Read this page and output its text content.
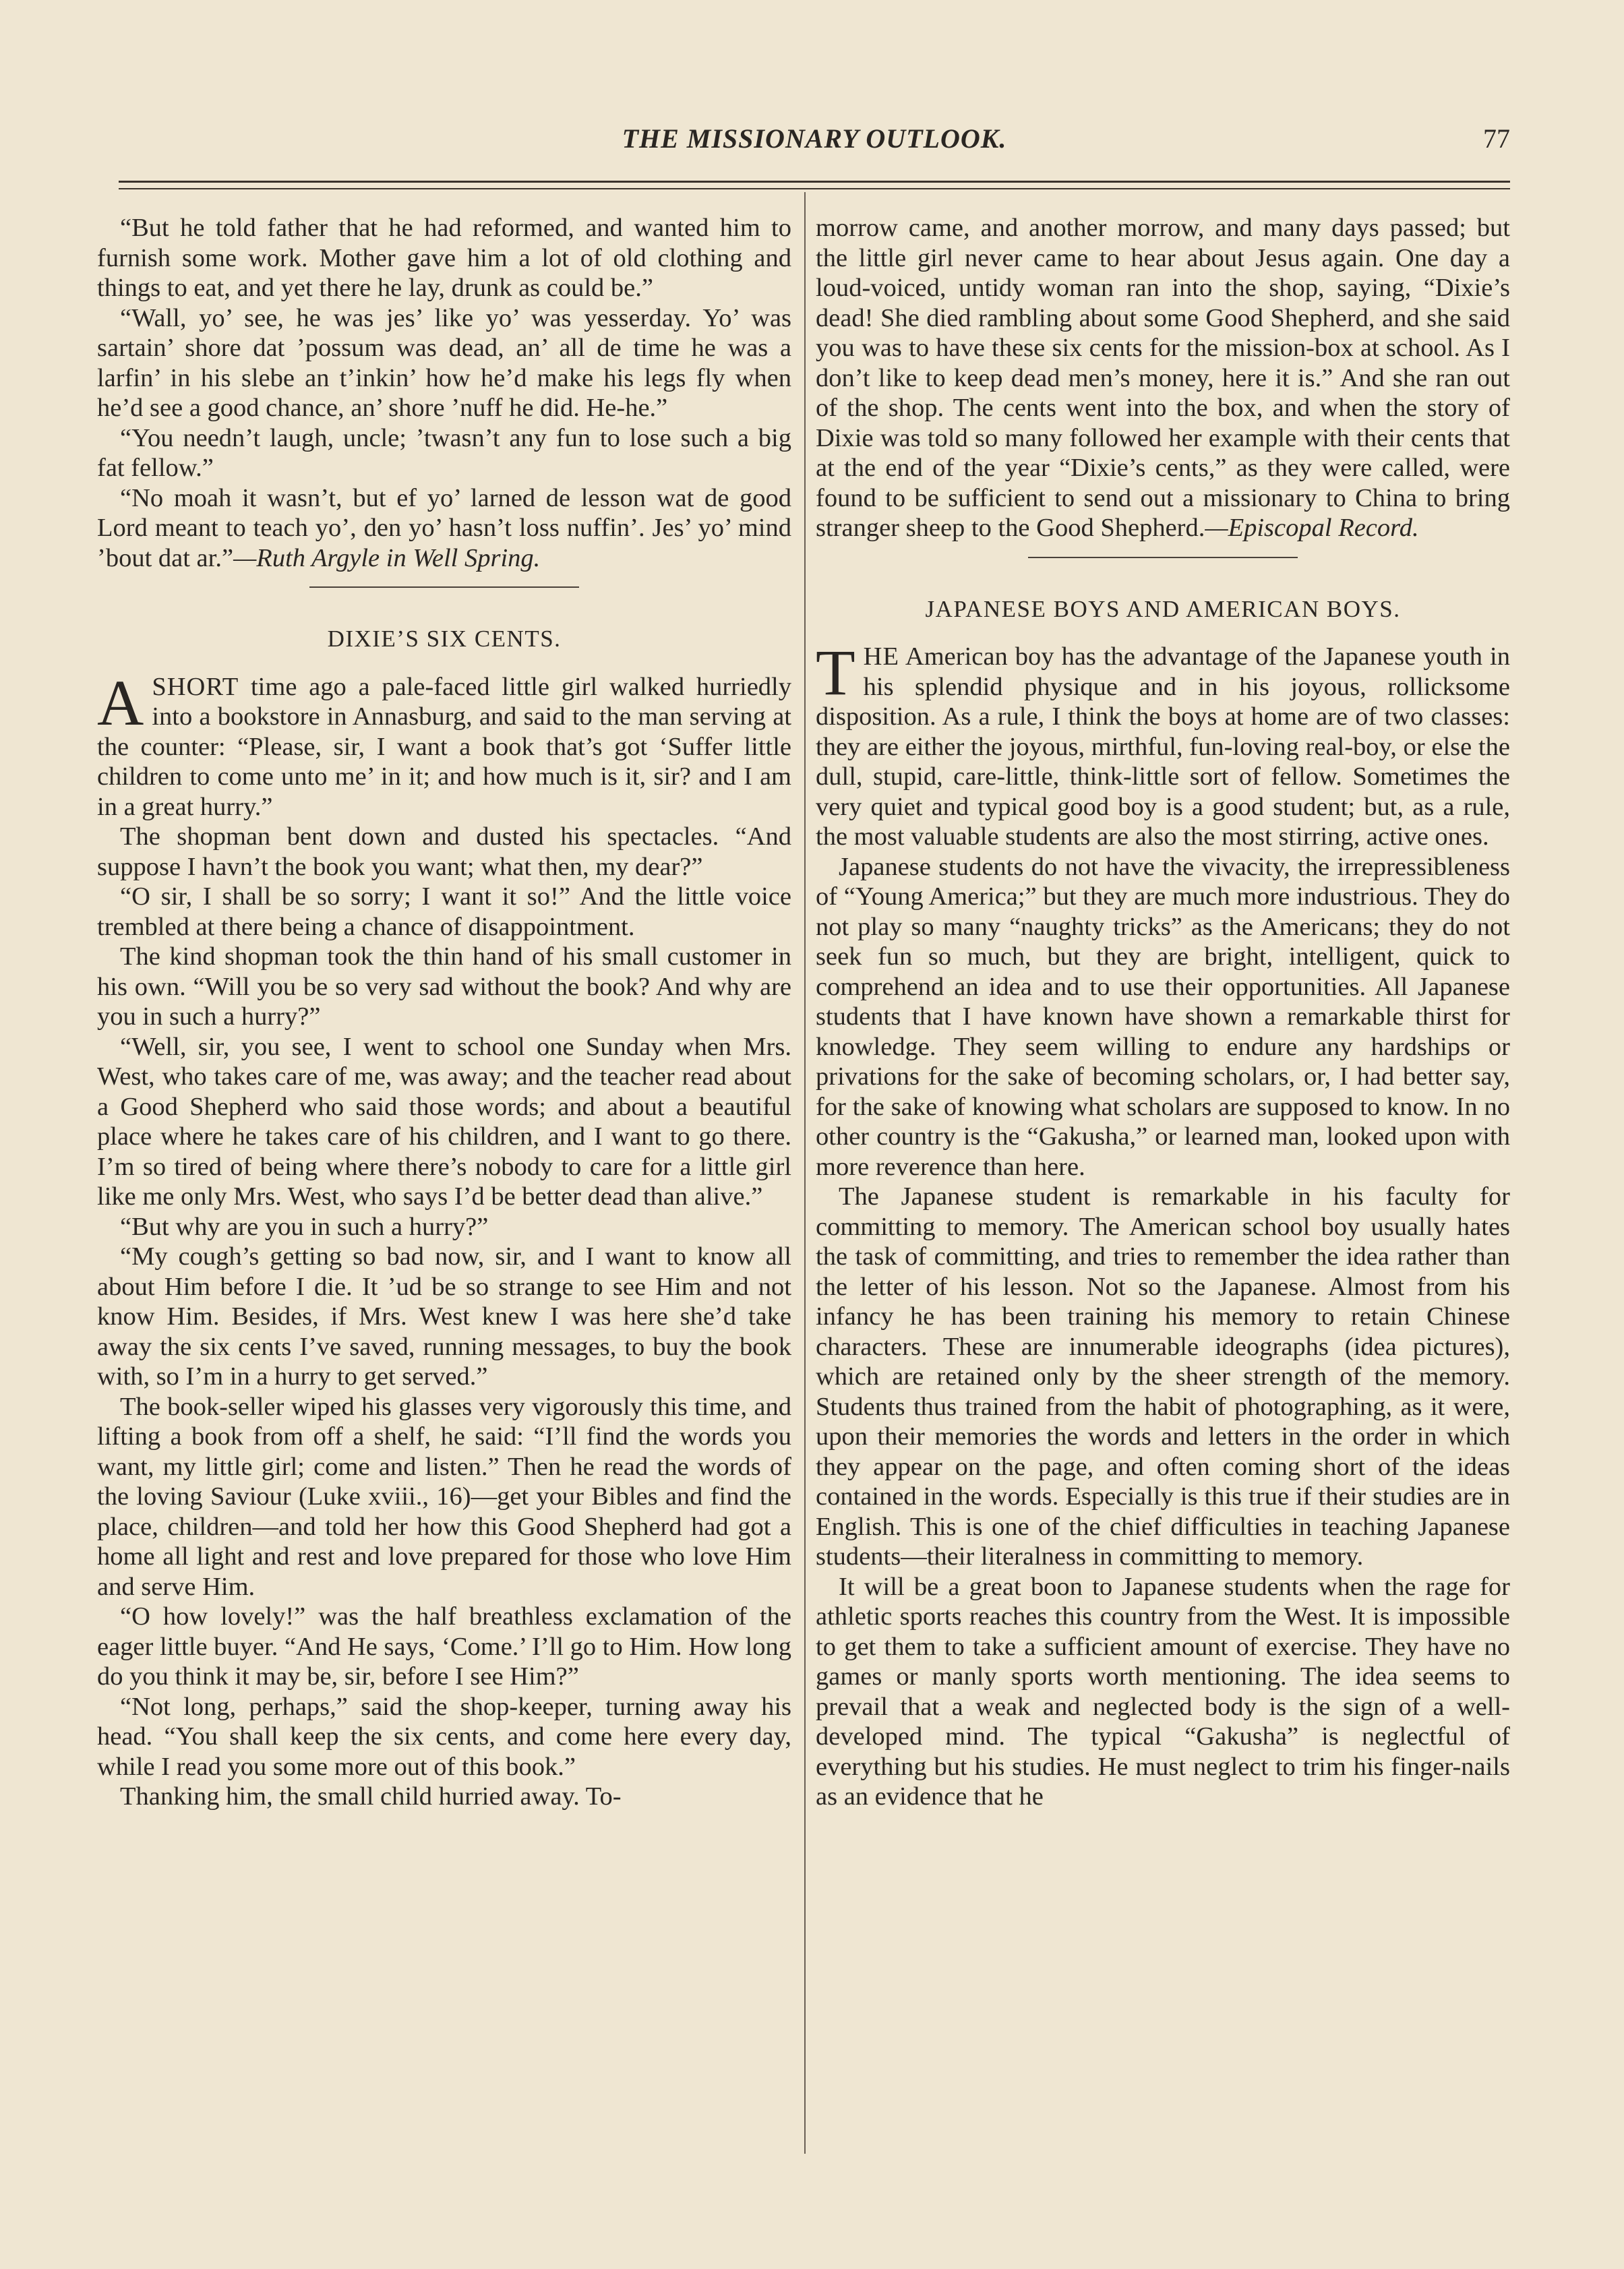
THE MISSIONARY OUTLOOK.	77

“But he told father that he had reformed, and wanted him to furnish some work. Mother gave him a lot of old clothing and things to eat, and yet there he lay, drunk as could be.”

“Wall, yo’ see, he was jes’ like yo’ was yesserday. Yo’ was sartain’ shore dat ’possum was dead, an’ all de time he was a larfin’ in his slebe an t’inkin’ how he’d make his legs fly when he’d see a good chance, an’ shore ’nuff he did. He-he.”

“You needn’t laugh, uncle; ’twasn’t any fun to lose such a big fat fellow.”

“No moah it wasn’t, but ef yo’ larned de lesson wat de good Lord meant to teach yo’, den yo’ hasn’t loss nuffin’. Jes’ yo’ mind ’bout dat ar.”—Ruth Argyle in Well Spring.

DIXIE’S SIX CENTS.

ASHORT time ago a pale-faced little girl walked hurriedly into a bookstore in Annasburg, and said to the man serving at the counter: “Please, sir, I want a book that’s got ‘Suffer little children to come unto me’ in it; and how much is it, sir? and I am in a great hurry.”

The shopman bent down and dusted his spectacles. “And suppose I havn’t the book you want; what then, my dear?”

“O sir, I shall be so sorry; I want it so!” And the little voice trembled at there being a chance of disappointment.

The kind shopman took the thin hand of his small customer in his own. “Will you be so very sad without the book? And why are you in such a hurry?”

“Well, sir, you see, I went to school one Sunday when Mrs. West, who takes care of me, was away; and the teacher read about a Good Shepherd who said those words; and about a beautiful place where he takes care of his children, and I want to go there. I’m so tired of being where there’s nobody to care for a little girl like me only Mrs. West, who says I’d be better dead than alive.”

“But why are you in such a hurry?”

“My cough’s getting so bad now, sir, and I want to know all about Him before I die. It ’ud be so strange to see Him and not know Him. Besides, if Mrs. West knew I was here she’d take away the six cents I’ve saved, running messages, to buy the book with, so I’m in a hurry to get served.”

The book-seller wiped his glasses very vigorously this time, and lifting a book from off a shelf, he said: “I’ll find the words you want, my little girl; come and listen.” Then he read the words of the loving Saviour (Luke xviii., 16)—get your Bibles and find the place, children—and told her how this Good Shepherd had got a home all light and rest and love prepared for those who love Him and serve Him.

“O how lovely!” was the half breathless exclamation of the eager little buyer. “And He says, ‘Come.’ I’ll go to Him. How long do you think it may be, sir, before I see Him?”

“Not long, perhaps,” said the shop-keeper, turning away his head. “You shall keep the six cents, and come here every day, while I read you some more out of this book.”

Thanking him, the small child hurried away. To-

morrow came, and another morrow, and many days passed; but the little girl never came to hear about Jesus again. One day a loud-voiced, untidy woman ran into the shop, saying, “Dixie’s dead! She died rambling about some Good Shepherd, and she said you was to have these six cents for the mission-box at school. As I don’t like to keep dead men’s money, here it is.” And she ran out of the shop. The cents went into the box, and when the story of Dixie was told so many followed her example with their cents that at the end of the year “Dixie’s cents,” as they were called, were found to be sufficient to send out a missionary to China to bring stranger sheep to the Good Shepherd.—Episcopal Record.

JAPANESE BOYS AND AMERICAN BOYS.

THE American boy has the advantage of the Japanese youth in his splendid physique and in his joyous, rollicksome disposition. As a rule, I think the boys at home are of two classes: they are either the joyous, mirthful, fun-loving real-boy, or else the dull, stupid, care-little, think-little sort of fellow. Sometimes the very quiet and typical good boy is a good student; but, as a rule, the most valuable students are also the most stirring, active ones.

Japanese students do not have the vivacity, the irrepressibleness of “Young America;” but they are much more industrious. They do not play so many “naughty tricks” as the Americans; they do not seek fun so much, but they are bright, intelligent, quick to comprehend an idea and to use their opportunities. All Japanese students that I have known have shown a remarkable thirst for knowledge. They seem willing to endure any hardships or privations for the sake of becoming scholars, or, I had better say, for the sake of knowing what scholars are supposed to know. In no other country is the “Gakusha,” or learned man, looked upon with more reverence than here.

The Japanese student is remarkable in his faculty for committing to memory. The American school boy usually hates the task of committing, and tries to remember the idea rather than the letter of his lesson. Not so the Japanese. Almost from his infancy he has been training his memory to retain Chinese characters. These are innumerable ideographs (idea pictures), which are retained only by the sheer strength of the memory. Students thus trained from the habit of photographing, as it were, upon their memories the words and letters in the order in which they appear on the page, and often coming short of the ideas contained in the words. Especially is this true if their studies are in English. This is one of the chief difficulties in teaching Japanese students—their literalness in committing to memory.

It will be a great boon to Japanese students when the rage for athletic sports reaches this country from the West. It is impossible to get them to take a sufficient amount of exercise. They have no games or manly sports worth mentioning. The idea seems to prevail that a weak and neglected body is the sign of a well-developed mind. The typical “Gakusha” is neglectful of everything but his studies. He must neglect to trim his finger-nails as an evidence that he
